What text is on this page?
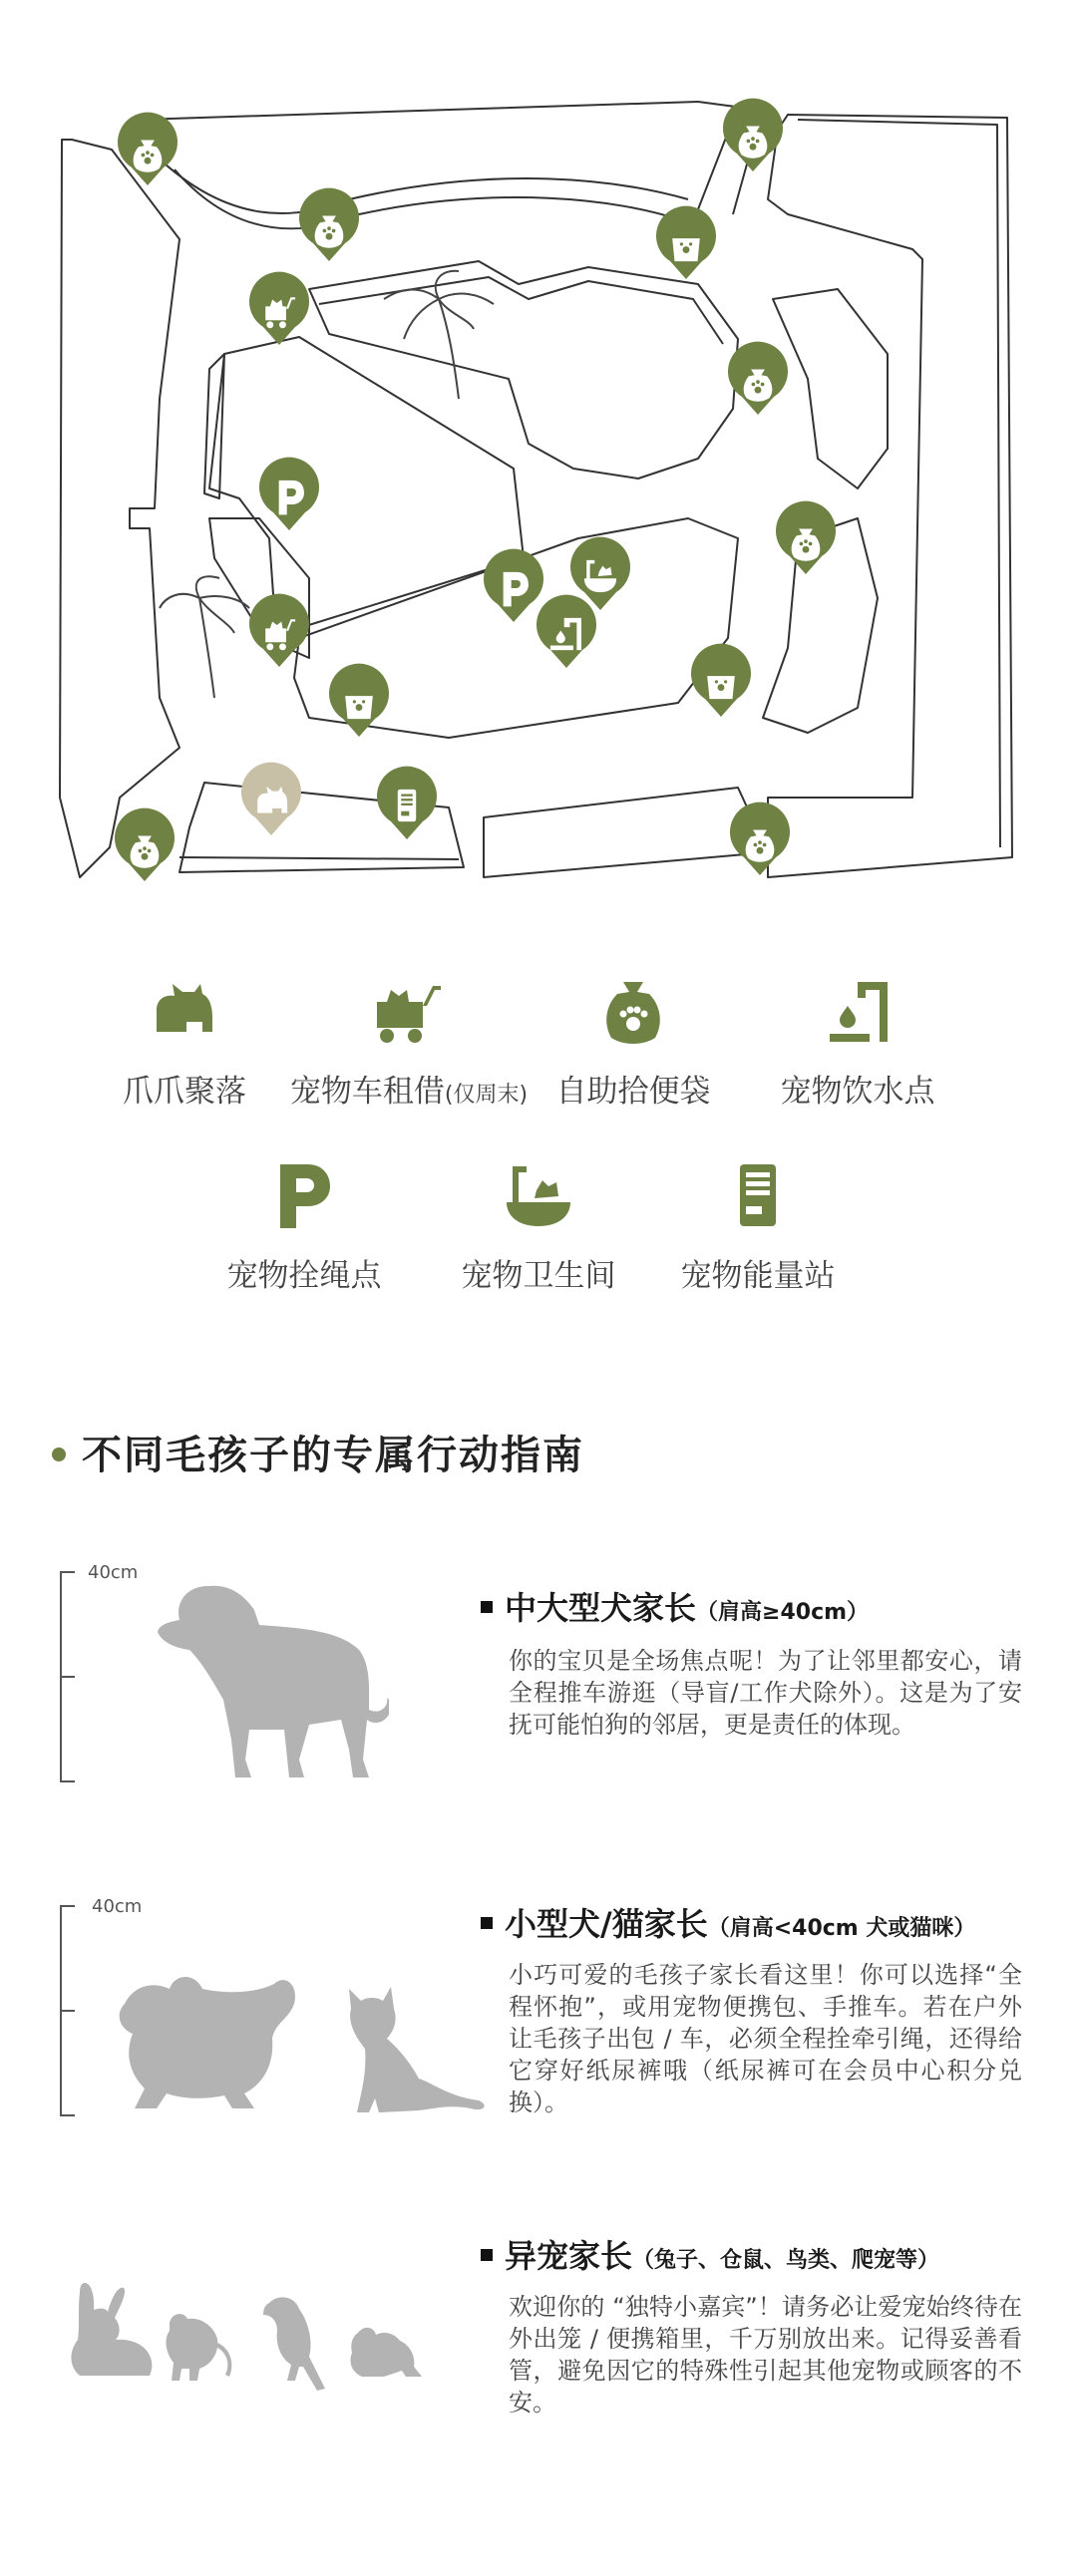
爪爪聚落	宠物车租借(仅周末) 自助拾便袋	宠物饮水点
宠物拴绳点	宠物卫生间	宠物能量站
不同毛孩子的专属行动指南
40cm
中大型犬家长（肩高≥40cm）
你的宝贝是全场焦点呢！为了让邻里都安心，请全程推车游逛（导盲/工作犬除外）。这是为了安抚可能怕狗的邻居，更是责任的体现。
40cm	小型犬/猫家长（肩高<40cm 犬或猫咪）
小巧可爱的毛孩子家长看这里！你可以选择“全程怀抱”，或用宠物便携包、手推车。若在户外让毛孩子出包 / 车，必须全程拴牵引绳，还得给它穿好纸尿裤哦（纸尿裤可在会员中心积分兑换）。
异宠家长（兔子、仓鼠、鸟类、爬宠等）
欢迎你的 “独特小嘉宾”！请务必让爱宠始终待在外出笼 / 便携箱里，千万别放出来。记得妥善看管，避免因它的特殊性引起其他宠物或顾客的不安。
